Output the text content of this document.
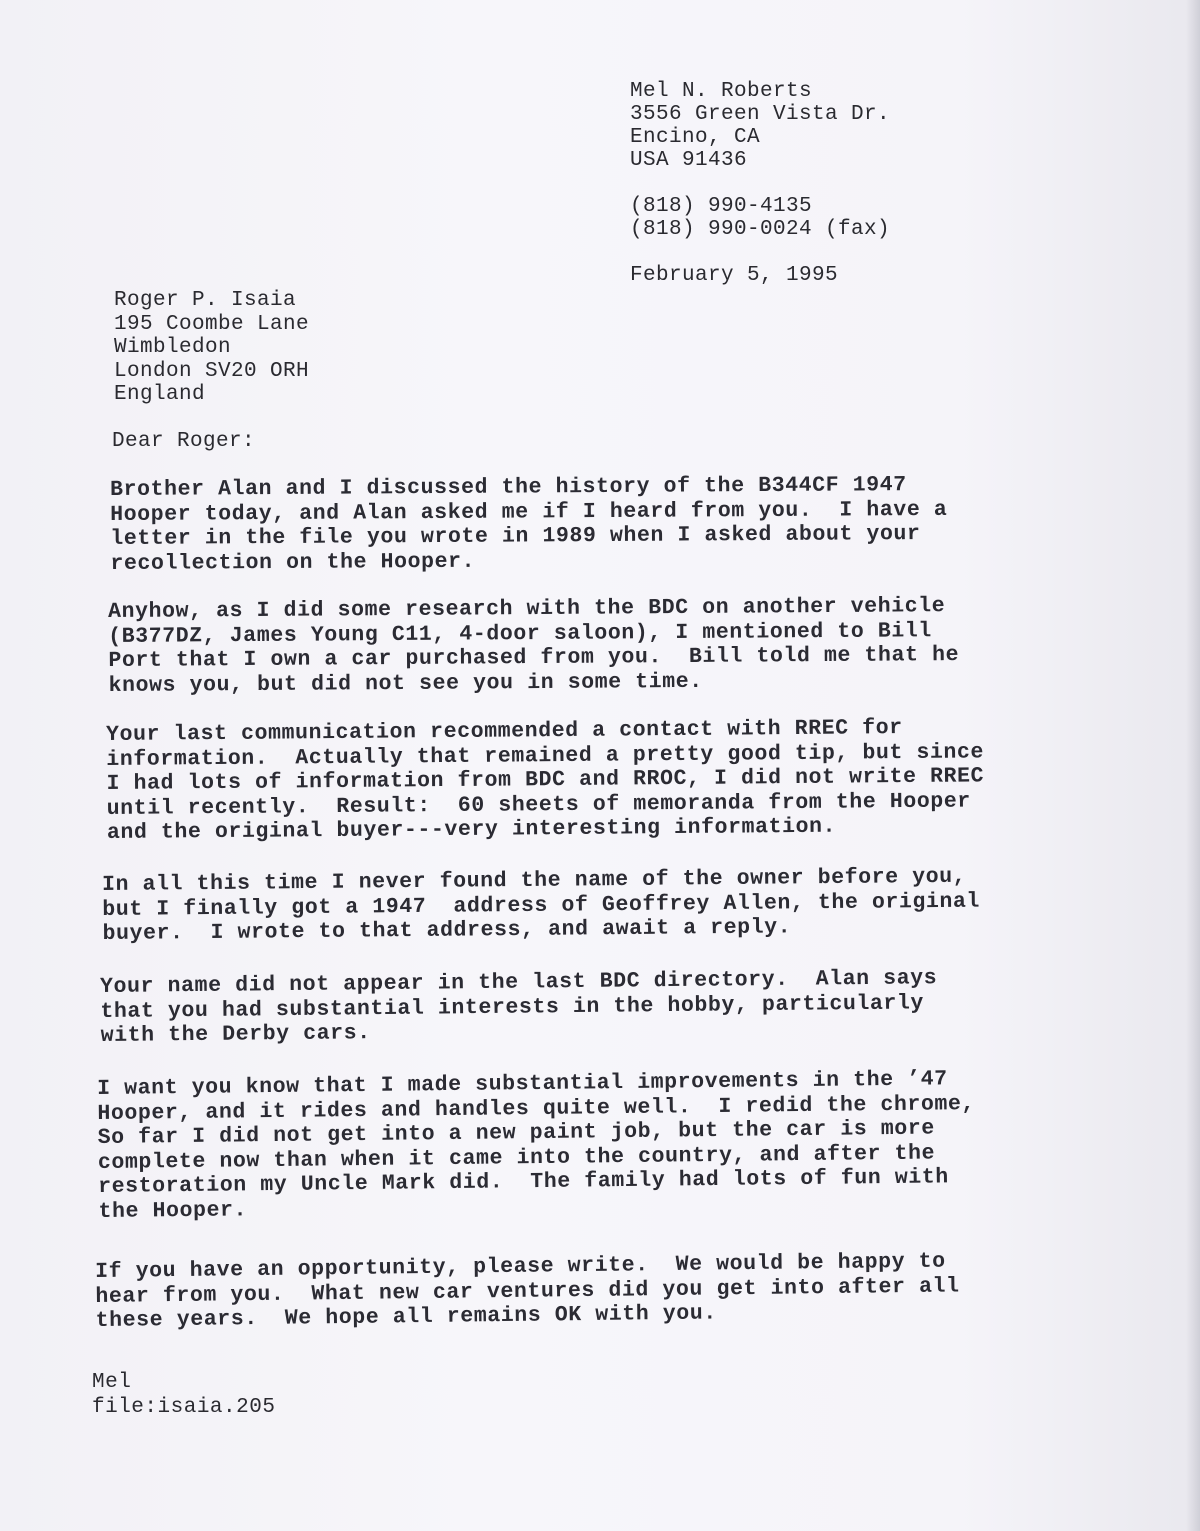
Mel N. Roberts
3556 Green Vista Dr.
Encino, CA
USA 91436
(818) 990-4135
(818) 990-0024 (fax)
February 5, 1995
Roger P. Isaia
195 Coombe Lane
Wimbledon
London SV20 ORH
England
Dear Roger:
Brother Alan and I discussed the history of the B344CF 1947
Hooper today, and Alan asked me if I heard from you.  I have a
letter in the file you wrote in 1989 when I asked about your
recollection on the Hooper.
Anyhow, as I did some research with the BDC on another vehicle
(B377DZ, James Young C11, 4-door saloon), I mentioned to Bill
Port that I own a car purchased from you.  Bill told me that he
knows you, but did not see you in some time.
Your last communication recommended a contact with RREC for
information.  Actually that remained a pretty good tip, but since
I had lots of information from BDC and RROC, I did not write RREC
until recently.  Result:  60 sheets of memoranda from the Hooper
and the original buyer---very interesting information.
In all this time I never found the name of the owner before you,
but I finally got a 1947  address of Geoffrey Allen, the original
buyer.  I wrote to that address, and await a reply.
Your name did not appear in the last BDC directory.  Alan says
that you had substantial interests in the hobby, particularly
with the Derby cars.
I want you know that I made substantial improvements in the ’47
Hooper, and it rides and handles quite well.  I redid the chrome,
So far I did not get into a new paint job, but the car is more
complete now than when it came into the country, and after the
restoration my Uncle Mark did.  The family had lots of fun with
the Hooper.
If you have an opportunity, please write.  We would be happy to
hear from you.  What new car ventures did you get into after all
these years.  We hope all remains OK with you.
Mel
file:isaia.205
